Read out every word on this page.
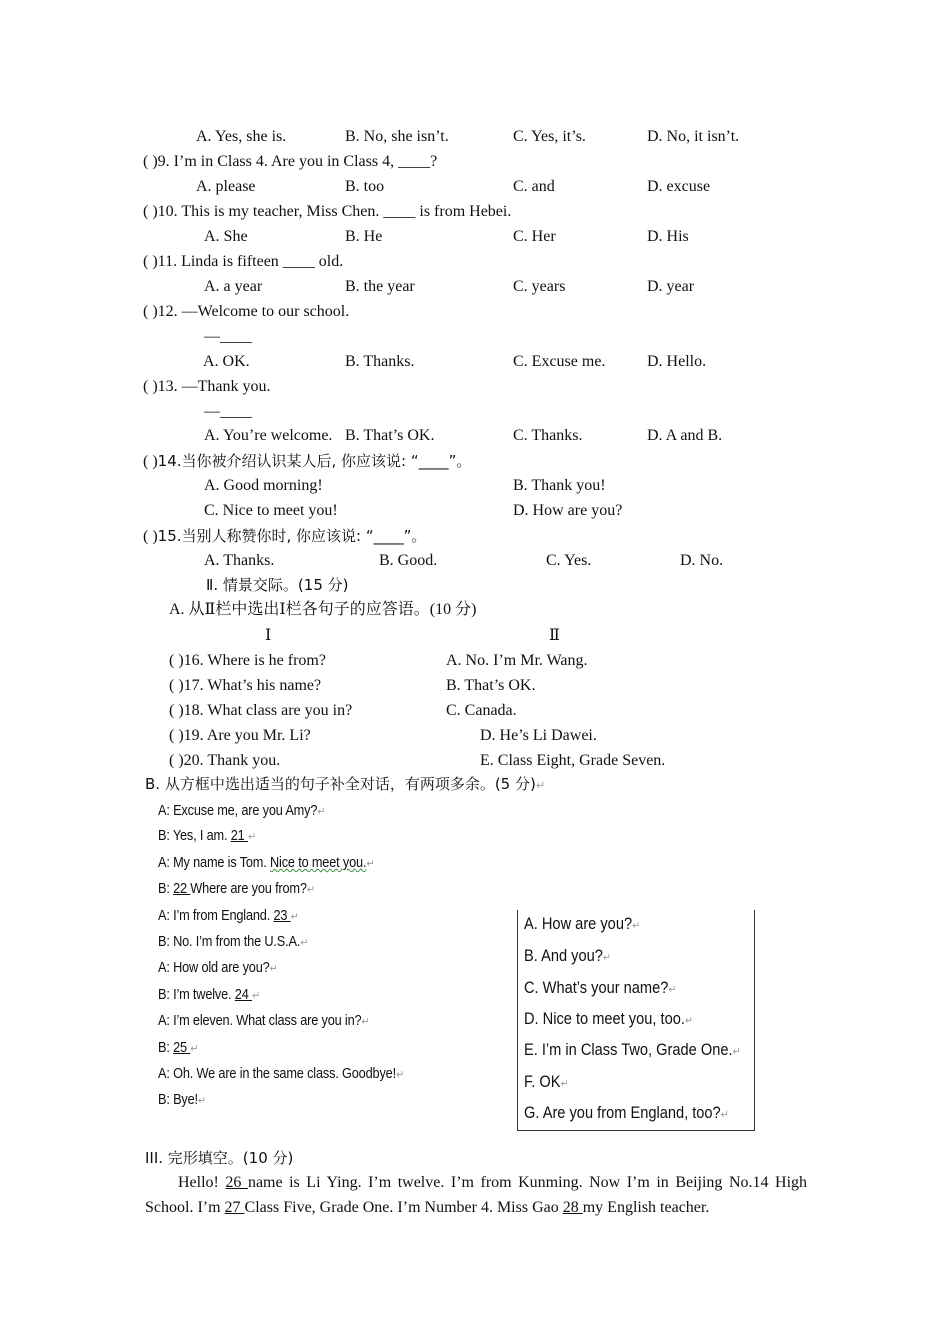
A. Yes, she is.	B. No, she isn’t.	C. Yes, it’s.	D. No, it isn’t.
( )9. I’m in Class 4. Are you in Class 4, ____?
A. please	B. too	C. and	D. excuse
( )10. This is my teacher, Miss Chen. ____ is from Hebei.
A. She	B. He	C. Her	D. His
( )11. Linda is fifteen ____ old.
A. a year	B. the year	C. years	D. year
( )12. —Welcome to our school.
—____
A. OK.	B. Thanks.	C. Excuse me.	D. Hello.
( )13. —Thank you.
—____
A. You’re welcome. B. That’s OK.	C. Thanks.	D. A and B.
( )14.当你被介绍认识某人后, 你应该说: “____”。
A. Good morning!	B. Thank you!
C. Nice to meet you!	D. How are you?
( )15.当别人称赞你时, 你应该说: “____”。
A. Thanks.	B. Good.	C. Yes.	D. No.
Ⅱ. 情景交际。(15 分)
A. 从Ⅱ栏中选出Ⅰ栏各句子的应答语。(10 分)
Ⅰ	Ⅱ
( )16. Where is he from?	A. No. I’m Mr. Wang.
( )17. What’s his name?	B. That’s OK.
( )18. What class are you in?	C. Canada.
( )19. Are you Mr. Li?	D. He’s Li Dawei.
( )20. Thank you.	E. Class Eight, Grade Seven.
B. 从方框中选出适当的句子补全对话，有两项多余。(5 分)↵
A: Excuse me, are you Amy?↵
B: Yes, I am. 21 ↵
A: My name is Tom. Nice to meet you.↵
B: 22 Where are you from?↵
A: I’m from England. 23 ↵
B: No. I’m from the U.S.A.↵
A: How old are you?↵
B: I’m twelve. 24 ↵
A: I’m eleven. What class are you in?↵
B: 25 ↵
A: Oh. We are in the same class. Goodbye!↵
B: Bye!↵
A. How are you?↵
B. And you?↵
C. What’s your name?↵
D. Nice to meet you, too.↵
E. I’m in Class Two, Grade One.↵
F. OK↵
G. Are you from England, too?↵
III. 完形填空。(10 分)
Hello! 26 name is Li Ying. I’m twelve. I’m from Kunming. Now I’m in Beijing No.14 High School. I’m 27 Class Five, Grade One. I’m Number 4. Miss Gao 28 my English teacher.
